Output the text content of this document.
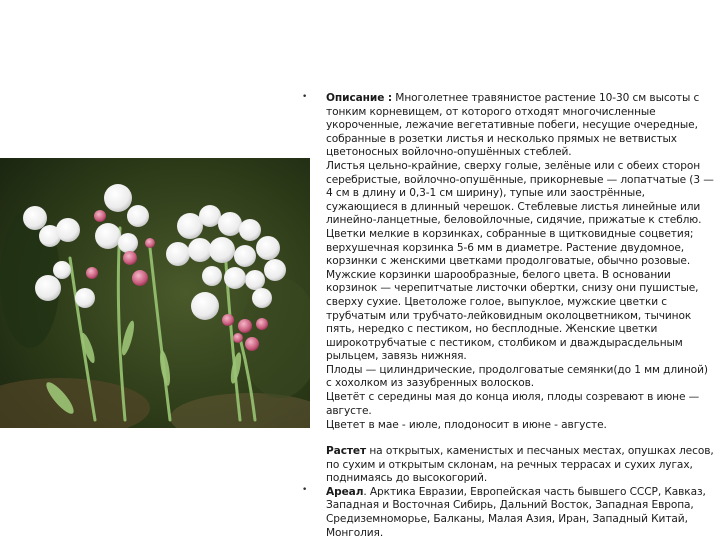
•
•

Описание : Многолетнее травянистое растение 10-30 см высоты с тонким корневищем, от которого отходят многочисленные укороченные, лежачие вегетативные побеги, несущие очередные, собранные в розетки листья и несколько прямых не ветвистых цветоносных войлочно-опушённых стеблей.

Листья цельно-крайние, сверху голые, зелёные или с обеих сторон серебристые, войлочно-опушённые, прикорневые — лопатчатые (3 —4 см в длину и 0,3-1 см ширину), тупые или заострённые, сужающиеся в длинный черешок. Стеблевые листья линейные или линейно-ланцетные, беловойлочные, сидячие, прижатые к стеблю.

Цветки мелкие в корзинках, собранные в щитковидные соцветия; верхушечная корзинка 5-6 мм в диаметре. Растение двудомное, корзинки с женскими цветками продолговатые, обычно розовые. Мужские корзинки шарообразные, белого цвета. В основании корзинок — черепитчатые листочки обертки, снизу они пушистые, сверху сухие. Цветоложе голое, выпуклое, мужские цветки с трубчатым или трубчато-лейковидным околоцветником, тычинок пять, нередко с пестиком, но бесплодные. Женские цветки широкотрубчатые с пестиком, столбиком и дваждырасдельным рыльцем, завязь нижняя.

Плоды — цилиндрические, продолговатые семянки(до 1 мм длиной) с хохолком из зазубренных волосков.

Цветёт с середины мая до конца июля, плоды созревают в июне — августе.

Цветет в мае - июле, плодоносит в июне - августе.

Растет на открытых, каменистых и песчаных местах, опушках лесов, по сухим и открытым склонам, на речных террасах и сухих лугах, поднимаясь до высокогорий.

Ареал. Арктика Евразии, Европейская часть бывшего СССР, Кавказ, Западная и Восточная Сибирь, Дальний Восток, Западная Европа, Средиземноморье, Балканы, Малая Азия, Иран, Западный Китай, Монголия.
